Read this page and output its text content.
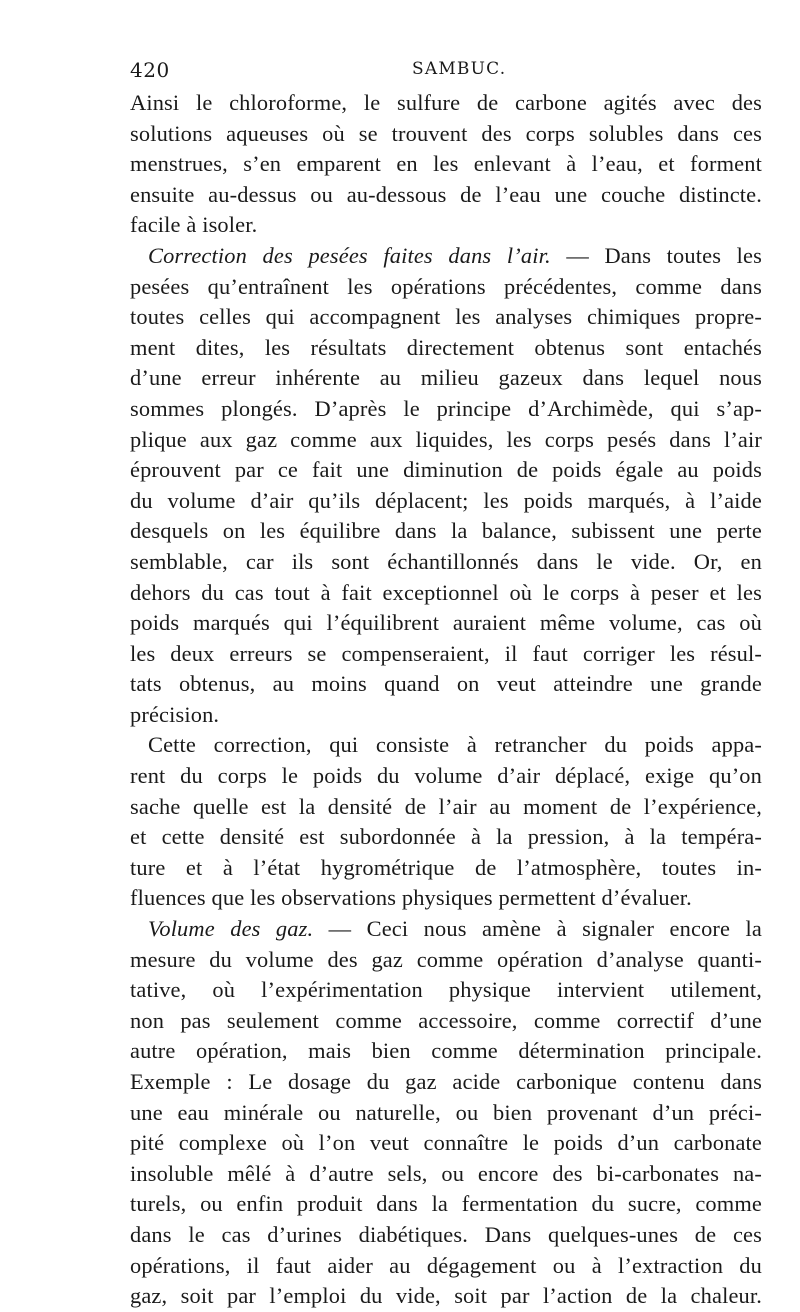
420	SAMBUC.
Ainsi le chloroforme, le sulfure de carbone agités avec des
solutions aqueuses où se trouvent des corps solubles dans ces
menstrues, s’en emparent en les enlevant à l’eau, et forment
ensuite au-dessus ou au-dessous de l’eau une couche distincte.
facile à isoler.
Correction des pesées faites dans l’air. — Dans toutes les
pesées qu’entraînent les opérations précédentes, comme dans
toutes celles qui accompagnent les analyses chimiques propre-
ment dites, les résultats directement obtenus sont entachés
d’une erreur inhérente au milieu gazeux dans lequel nous
sommes plongés. D’après le principe d’Archimède, qui s’ap-
plique aux gaz comme aux liquides, les corps pesés dans l’air
éprouvent par ce fait une diminution de poids égale au poids
du volume d’air qu’ils déplacent; les poids marqués, à l’aide
desquels on les équilibre dans la balance, subissent une perte
semblable, car ils sont échantillonnés dans le vide. Or, en
dehors du cas tout à fait exceptionnel où le corps à peser et les
poids marqués qui l’équilibrent auraient même volume, cas où
les deux erreurs se compenseraient, il faut corriger les résul-
tats obtenus, au moins quand on veut atteindre une grande
précision.
Cette correction, qui consiste à retrancher du poids appa-
rent du corps le poids du volume d’air déplacé, exige qu’on
sache quelle est la densité de l’air au moment de l’expérience,
et cette densité est subordonnée à la pression, à la tempéra-
ture et à l’état hygrométrique de l’atmosphère, toutes in-
fluences que les observations physiques permettent d’évaluer.
Volume des gaz. — Ceci nous amène à signaler encore la
mesure du volume des gaz comme opération d’analyse quanti-
tative, où l’expérimentation physique intervient utilement,
non pas seulement comme accessoire, comme correctif d’une
autre opération, mais bien comme détermination principale.
Exemple : Le dosage du gaz acide carbonique contenu dans
une eau minérale ou naturelle, ou bien provenant d’un préci-
pité complexe où l’on veut connaître le poids d’un carbonate
insoluble mêlé à d’autre sels, ou encore des bi-carbonates na-
turels, ou enfin produit dans la fermentation du sucre, comme
dans le cas d’urines diabétiques. Dans quelques-unes de ces
opérations, il faut aider au dégagement ou à l’extraction du
gaz, soit par l’emploi du vide, soit par l’action de la chaleur.
